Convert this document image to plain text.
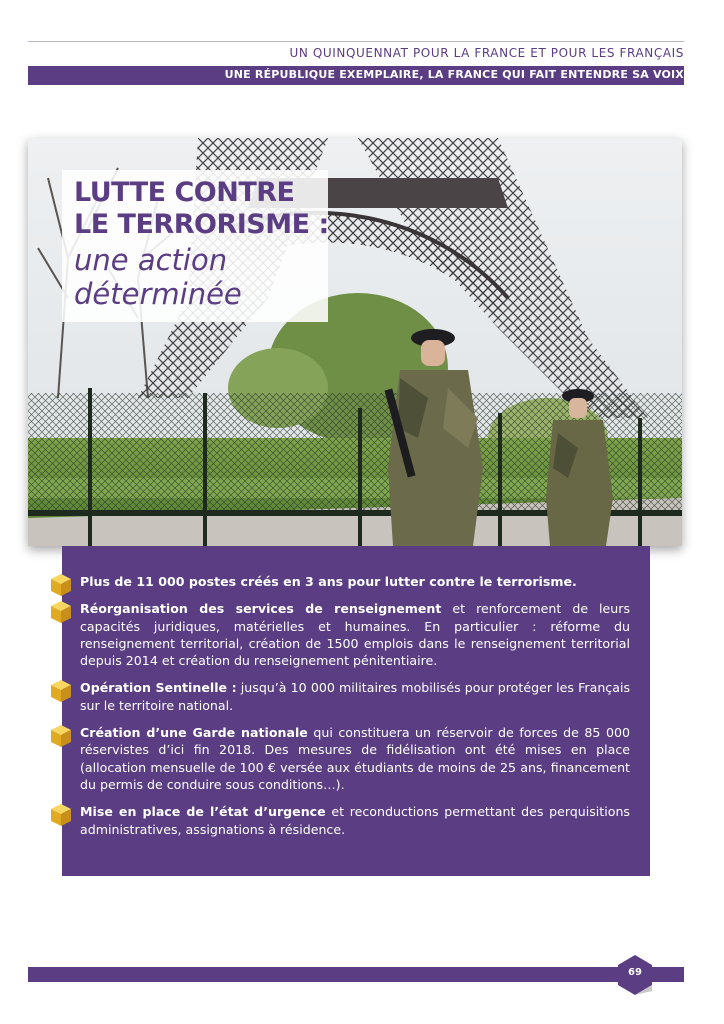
UN QUINQUENNAT POUR LA FRANCE ET POUR LES FRANÇAIS
UNE RÉPUBLIQUE EXEMPLAIRE, LA FRANCE QUI FAIT ENTENDRE SA VOIX
LUTTE CONTRE
LE TERRORISME :
une action
déterminée
Plus de 11 000 postes créés en 3 ans pour lutter contre le terrorisme.
Réorganisation des services de renseignement et renforcement de leurs capacités juridiques, matérielles et humaines. En particulier : réforme du renseignement territorial, création de 1500 emplois dans le renseignement territorial depuis 2014 et création du renseignement pénitentiaire.
Opération Sentinelle : jusqu’à 10 000 militaires mobilisés pour protéger les Français sur le territoire national.
Création d’une Garde nationale qui constituera un réservoir de forces de 85 000 réservistes d’ici fin 2018. Des mesures de fidélisation ont été mises en place (allocation mensuelle de 100 € versée aux étudiants de moins de 25 ans, financement du permis de conduire sous conditions…).
Mise en place de l’état d’urgence et reconductions permettant des perquisitions administratives, assignations à résidence.
69
